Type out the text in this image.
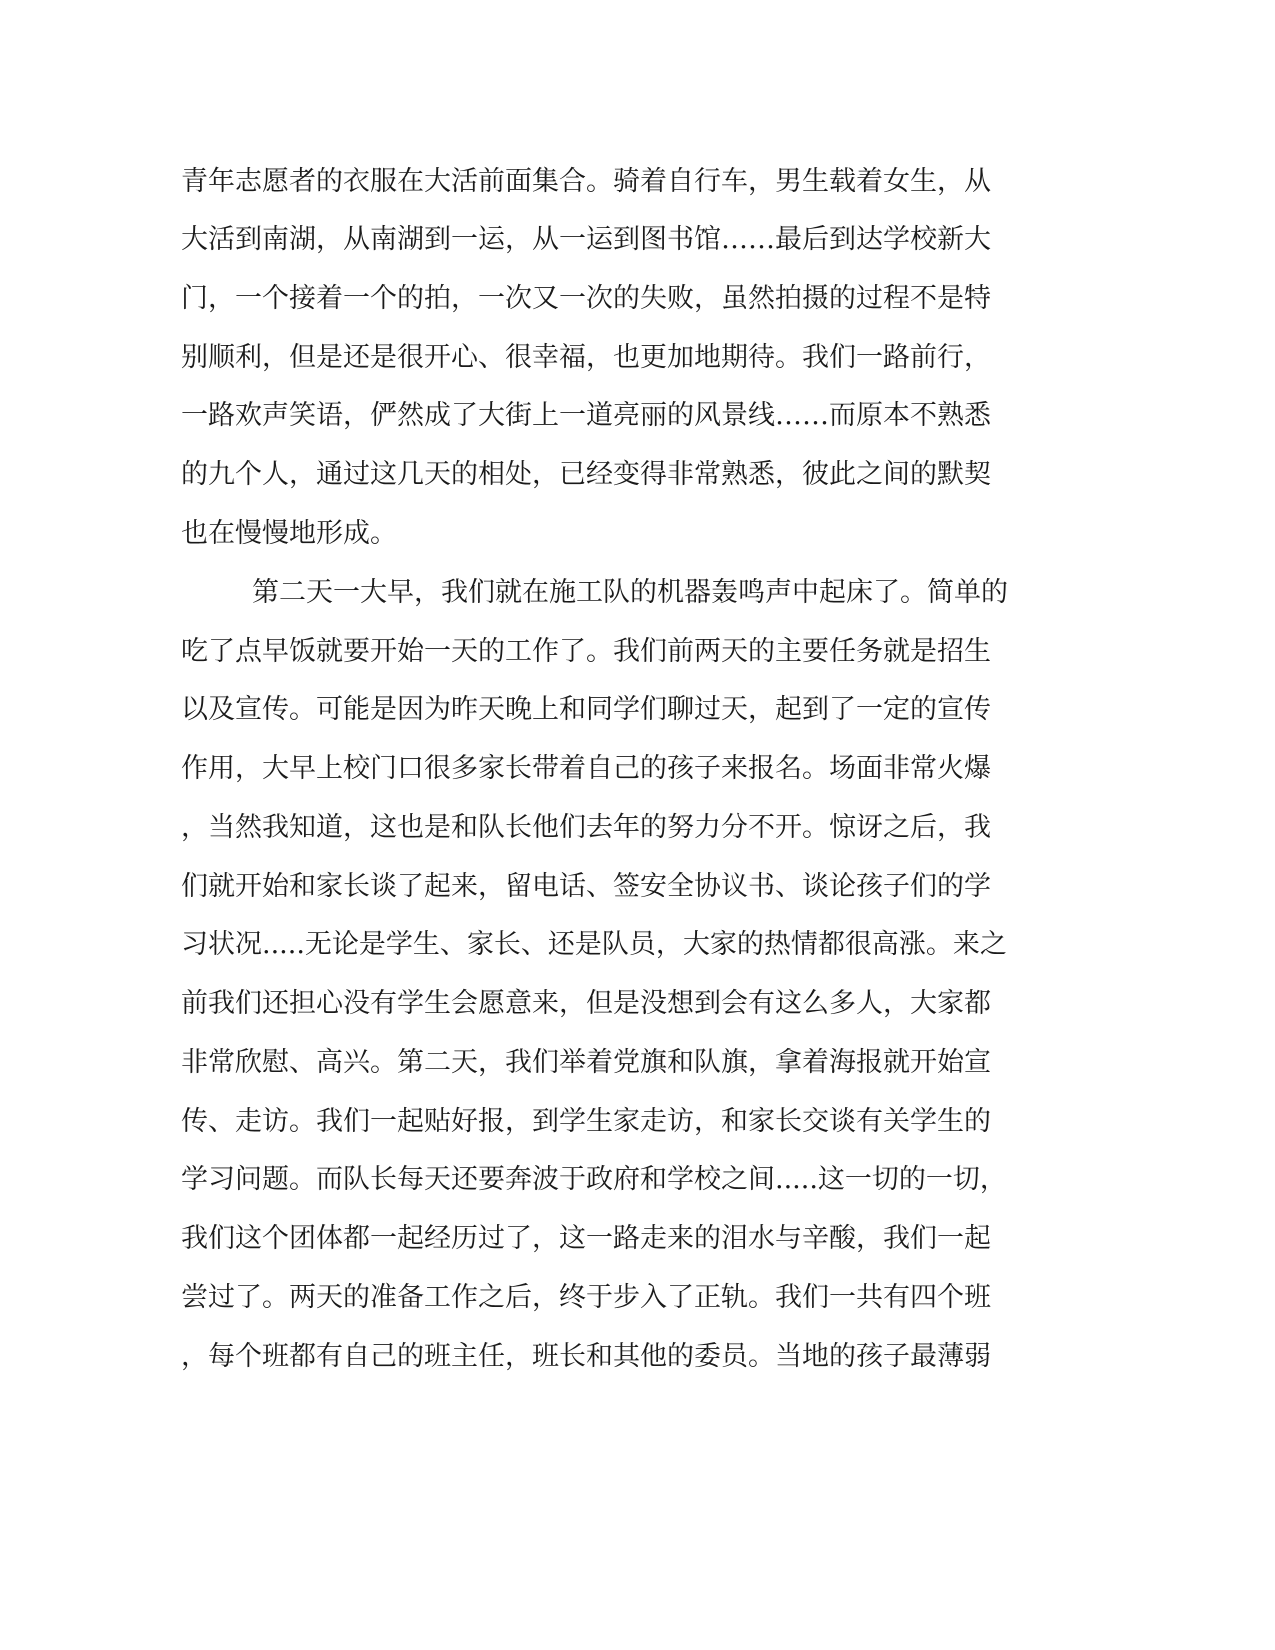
青年志愿者的衣服在大活前面集合。骑着自行车，男生载着女生，从
大活到南湖，从南湖到一运，从一运到图书馆……最后到达学校新大
门，一个接着一个的拍，一次又一次的失败，虽然拍摄的过程不是特
别顺利，但是还是很开心、很幸福，也更加地期待。我们一路前行，
一路欢声笑语，俨然成了大街上一道亮丽的风景线……而原本不熟悉
的九个人，通过这几天的相处，已经变得非常熟悉，彼此之间的默契
也在慢慢地形成。
第二天一大早，我们就在施工队的机器轰鸣声中起床了。简单的
吃了点早饭就要开始一天的工作了。我们前两天的主要任务就是招生
以及宣传。可能是因为昨天晚上和同学们聊过天，起到了一定的宣传
作用，大早上校门口很多家长带着自己的孩子来报名。场面非常火爆
，当然我知道，这也是和队长他们去年的努力分不开。惊讶之后，我
们就开始和家长谈了起来，留电话、签安全协议书、谈论孩子们的学
习状况.....无论是学生、家长、还是队员，大家的热情都很高涨。来之
前我们还担心没有学生会愿意来，但是没想到会有这么多人，大家都
非常欣慰、高兴。第二天，我们举着党旗和队旗，拿着海报就开始宣
传、走访。我们一起贴好报，到学生家走访，和家长交谈有关学生的
学习问题。而队长每天还要奔波于政府和学校之间.....这一切的一切，
我们这个团体都一起经历过了，这一路走来的泪水与辛酸，我们一起
尝过了。两天的准备工作之后，终于步入了正轨。我们一共有四个班
，每个班都有自己的班主任，班长和其他的委员。当地的孩子最薄弱
